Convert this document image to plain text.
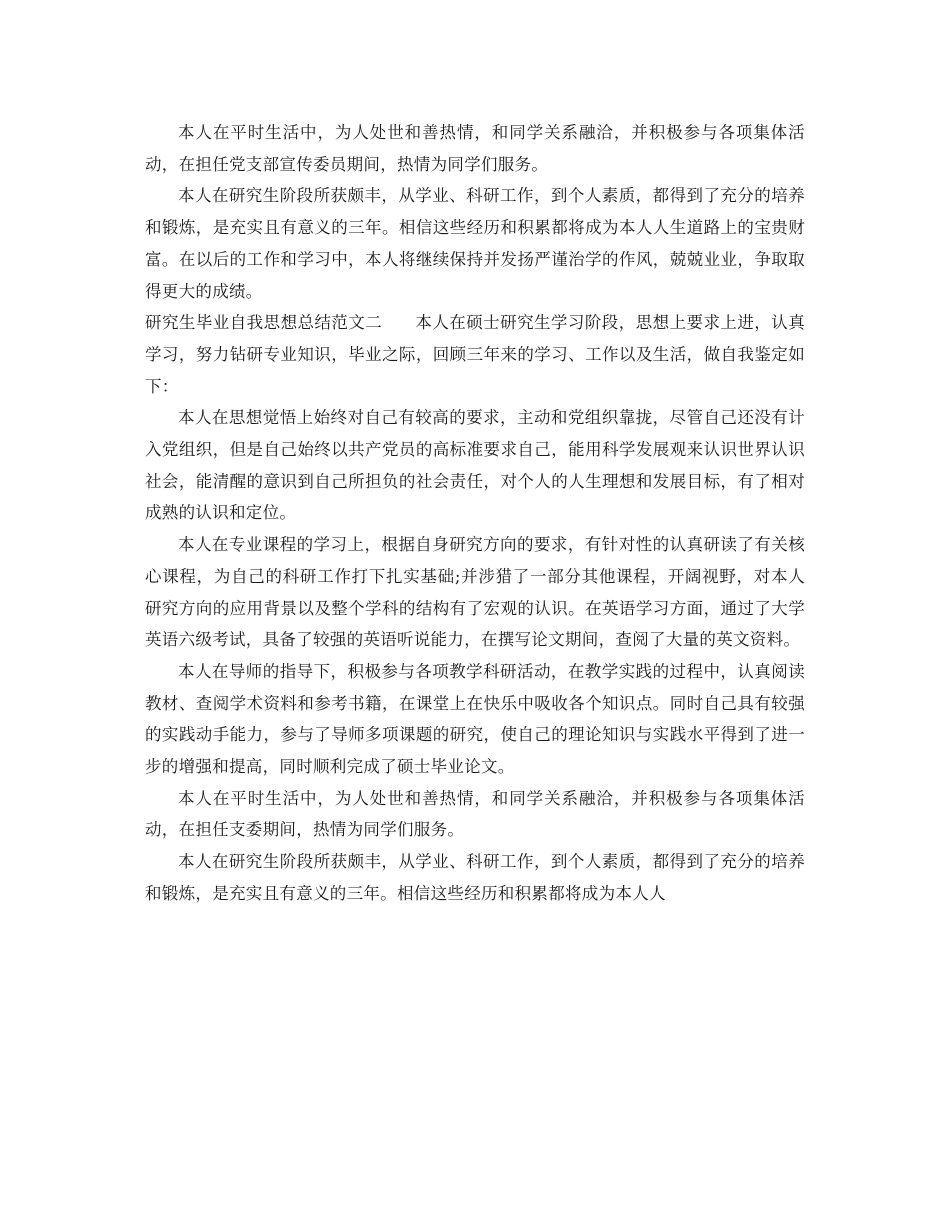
本人在平时生活中，为人处世和善热情，和同学关系融洽，并积极参与各项集体活动，在担任党支部宣传委员期间，热情为同学们服务。

本人在研究生阶段所获颇丰，从学业、科研工作，到个人素质，都得到了充分的培养和锻炼，是充实且有意义的三年。相信这些经历和积累都将成为本人人生道路上的宝贵财富。在以后的工作和学习中，本人将继续保持并发扬严谨治学的作风，兢兢业业，争取取得更大的成绩。

研究生毕业自我思想总结范文二 本人在硕士研究生学习阶段，思想上要求上进，认真学习，努力钻研专业知识，毕业之际，回顾三年来的学习、工作以及生活，做自我鉴定如下：

本人在思想觉悟上始终对自己有较高的要求，主动和党组织靠拢，尽管自己还没有计入党组织，但是自己始终以共产党员的高标准要求自己，能用科学发展观来认识世界认识社会，能清醒的意识到自己所担负的社会责任，对个人的人生理想和发展目标，有了相对成熟的认识和定位。

本人在专业课程的学习上，根据自身研究方向的要求，有针对性的认真研读了有关核心课程，为自己的科研工作打下扎实基础;并涉猎了一部分其他课程，开阔视野，对本人研究方向的应用背景以及整个学科的结构有了宏观的认识。在英语学习方面，通过了大学英语六级考试，具备了较强的英语听说能力，在撰写论文期间，查阅了大量的英文资料。

本人在导师的指导下，积极参与各项教学科研活动，在教学实践的过程中，认真阅读教材、查阅学术资料和参考书籍，在课堂上在快乐中吸收各个知识点。同时自己具有较强的实践动手能力，参与了导师多项课题的研究，使自己的理论知识与实践水平得到了进一步的增强和提高，同时顺利完成了硕士毕业论文。

本人在平时生活中，为人处世和善热情，和同学关系融洽，并积极参与各项集体活动，在担任支委期间，热情为同学们服务。

本人在研究生阶段所获颇丰，从学业、科研工作，到个人素质，都得到了充分的培养和锻炼，是充实且有意义的三年。相信这些经历和积累都将成为本人人
